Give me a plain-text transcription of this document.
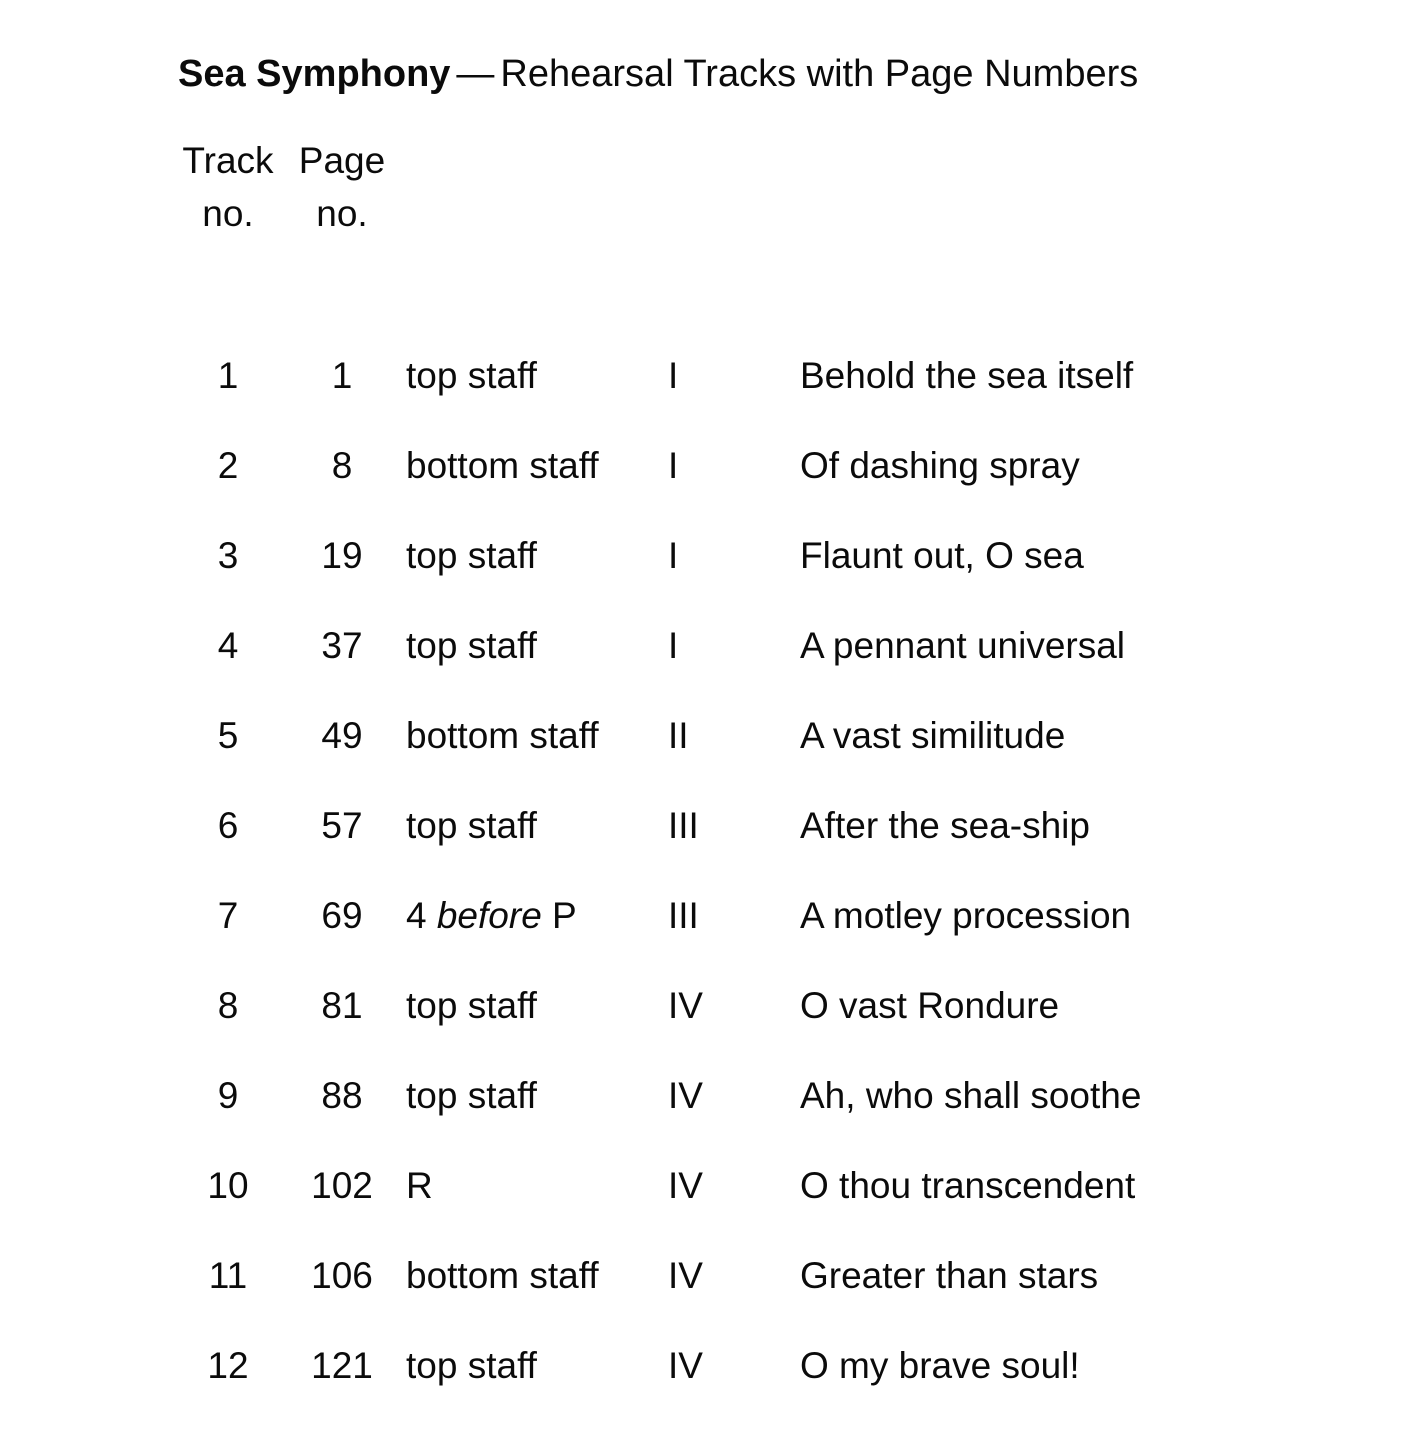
Sea Symphony — Rehearsal Tracks with Page Numbers
Track	Page			
no.	no.			

1	1	top staff	I	Behold the sea itself
2	8	bottom staff	I	Of dashing spray
3	19	top staff	I	Flaunt out, O sea
4	37	top staff	I	A pennant universal
5	49	bottom staff	II	A vast similitude
6	57	top staff	III	After the sea-ship
7	69	4 before P	III	A motley procession
8	81	top staff	IV	O vast Rondure
9	88	top staff	IV	Ah, who shall soothe
10	102	R	IV	O thou transcendent
11	106	bottom staff	IV	Greater than stars
12	121	top staff	IV	O my brave soul!
